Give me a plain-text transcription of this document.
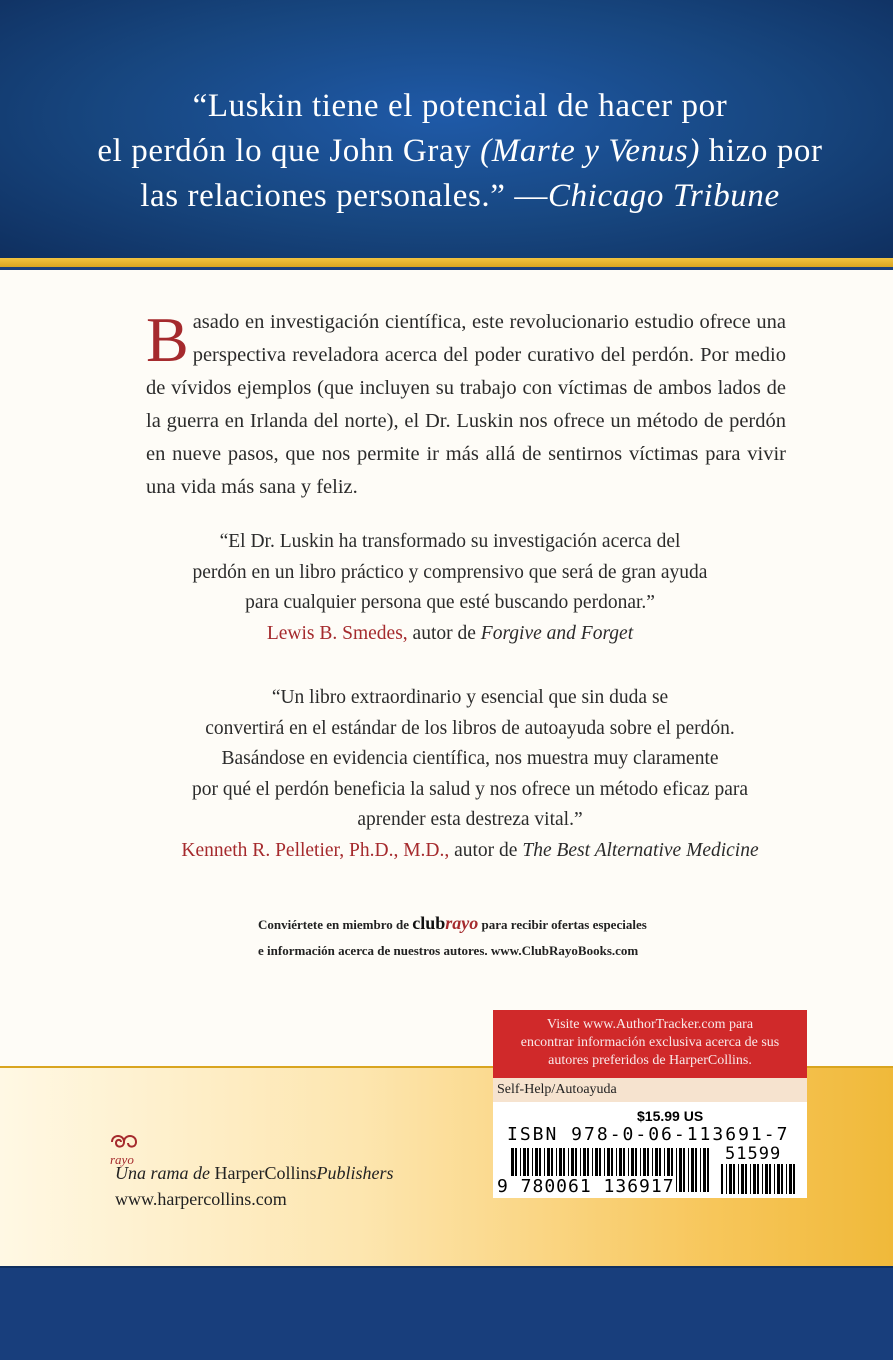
“Luskin tiene el potencial de hacer por
el perdón lo que John Gray (Marte y Venus) hizo por
las relaciones personales.” —Chicago Tribune
Basado en investigación científica, este revolucionario estudio ofrece una perspectiva reveladora acerca del poder curativo del perdón. Por medio de vívidos ejemplos (que incluyen su trabajo con víctimas de ambos lados de la guerra en Irlanda del norte), el Dr. Luskin nos ofrece un método de perdón en nueve pasos, que nos permite ir más allá de sentirnos víctimas para vivir una vida más sana y feliz.
“El Dr. Luskin ha transformado su investigación acerca del
perdón en un libro práctico y comprensivo que será de gran ayuda
para cualquier persona que esté buscando perdonar.”
Lewis B. Smedes, autor de Forgive and Forget
“Un libro extraordinario y esencial que sin duda se
convertirá en el estándar de los libros de autoayuda sobre el perdón.
Basándose en evidencia científica, nos muestra muy claramente
por qué el perdón beneficia la salud y nos ofrece un método eficaz para
aprender esta destreza vital.”
Kenneth R. Pelletier, Ph.D., M.D., autor de The Best Alternative Medicine
Conviértete en miembro de clubrayo para recibir ofertas especiales
e información acerca de nuestros autores. www.ClubRayoBooks.com
rayo
Una rama de HarperCollinsPublishers
www.harpercollins.com
Visite www.AuthorTracker.com para
encontrar información exclusiva acerca de sus
autores preferidos de HarperCollins.
Self-Help/Autoayuda
$15.99 US
ISBN 978-0-06-113691-7
51599
9 780061 136917
